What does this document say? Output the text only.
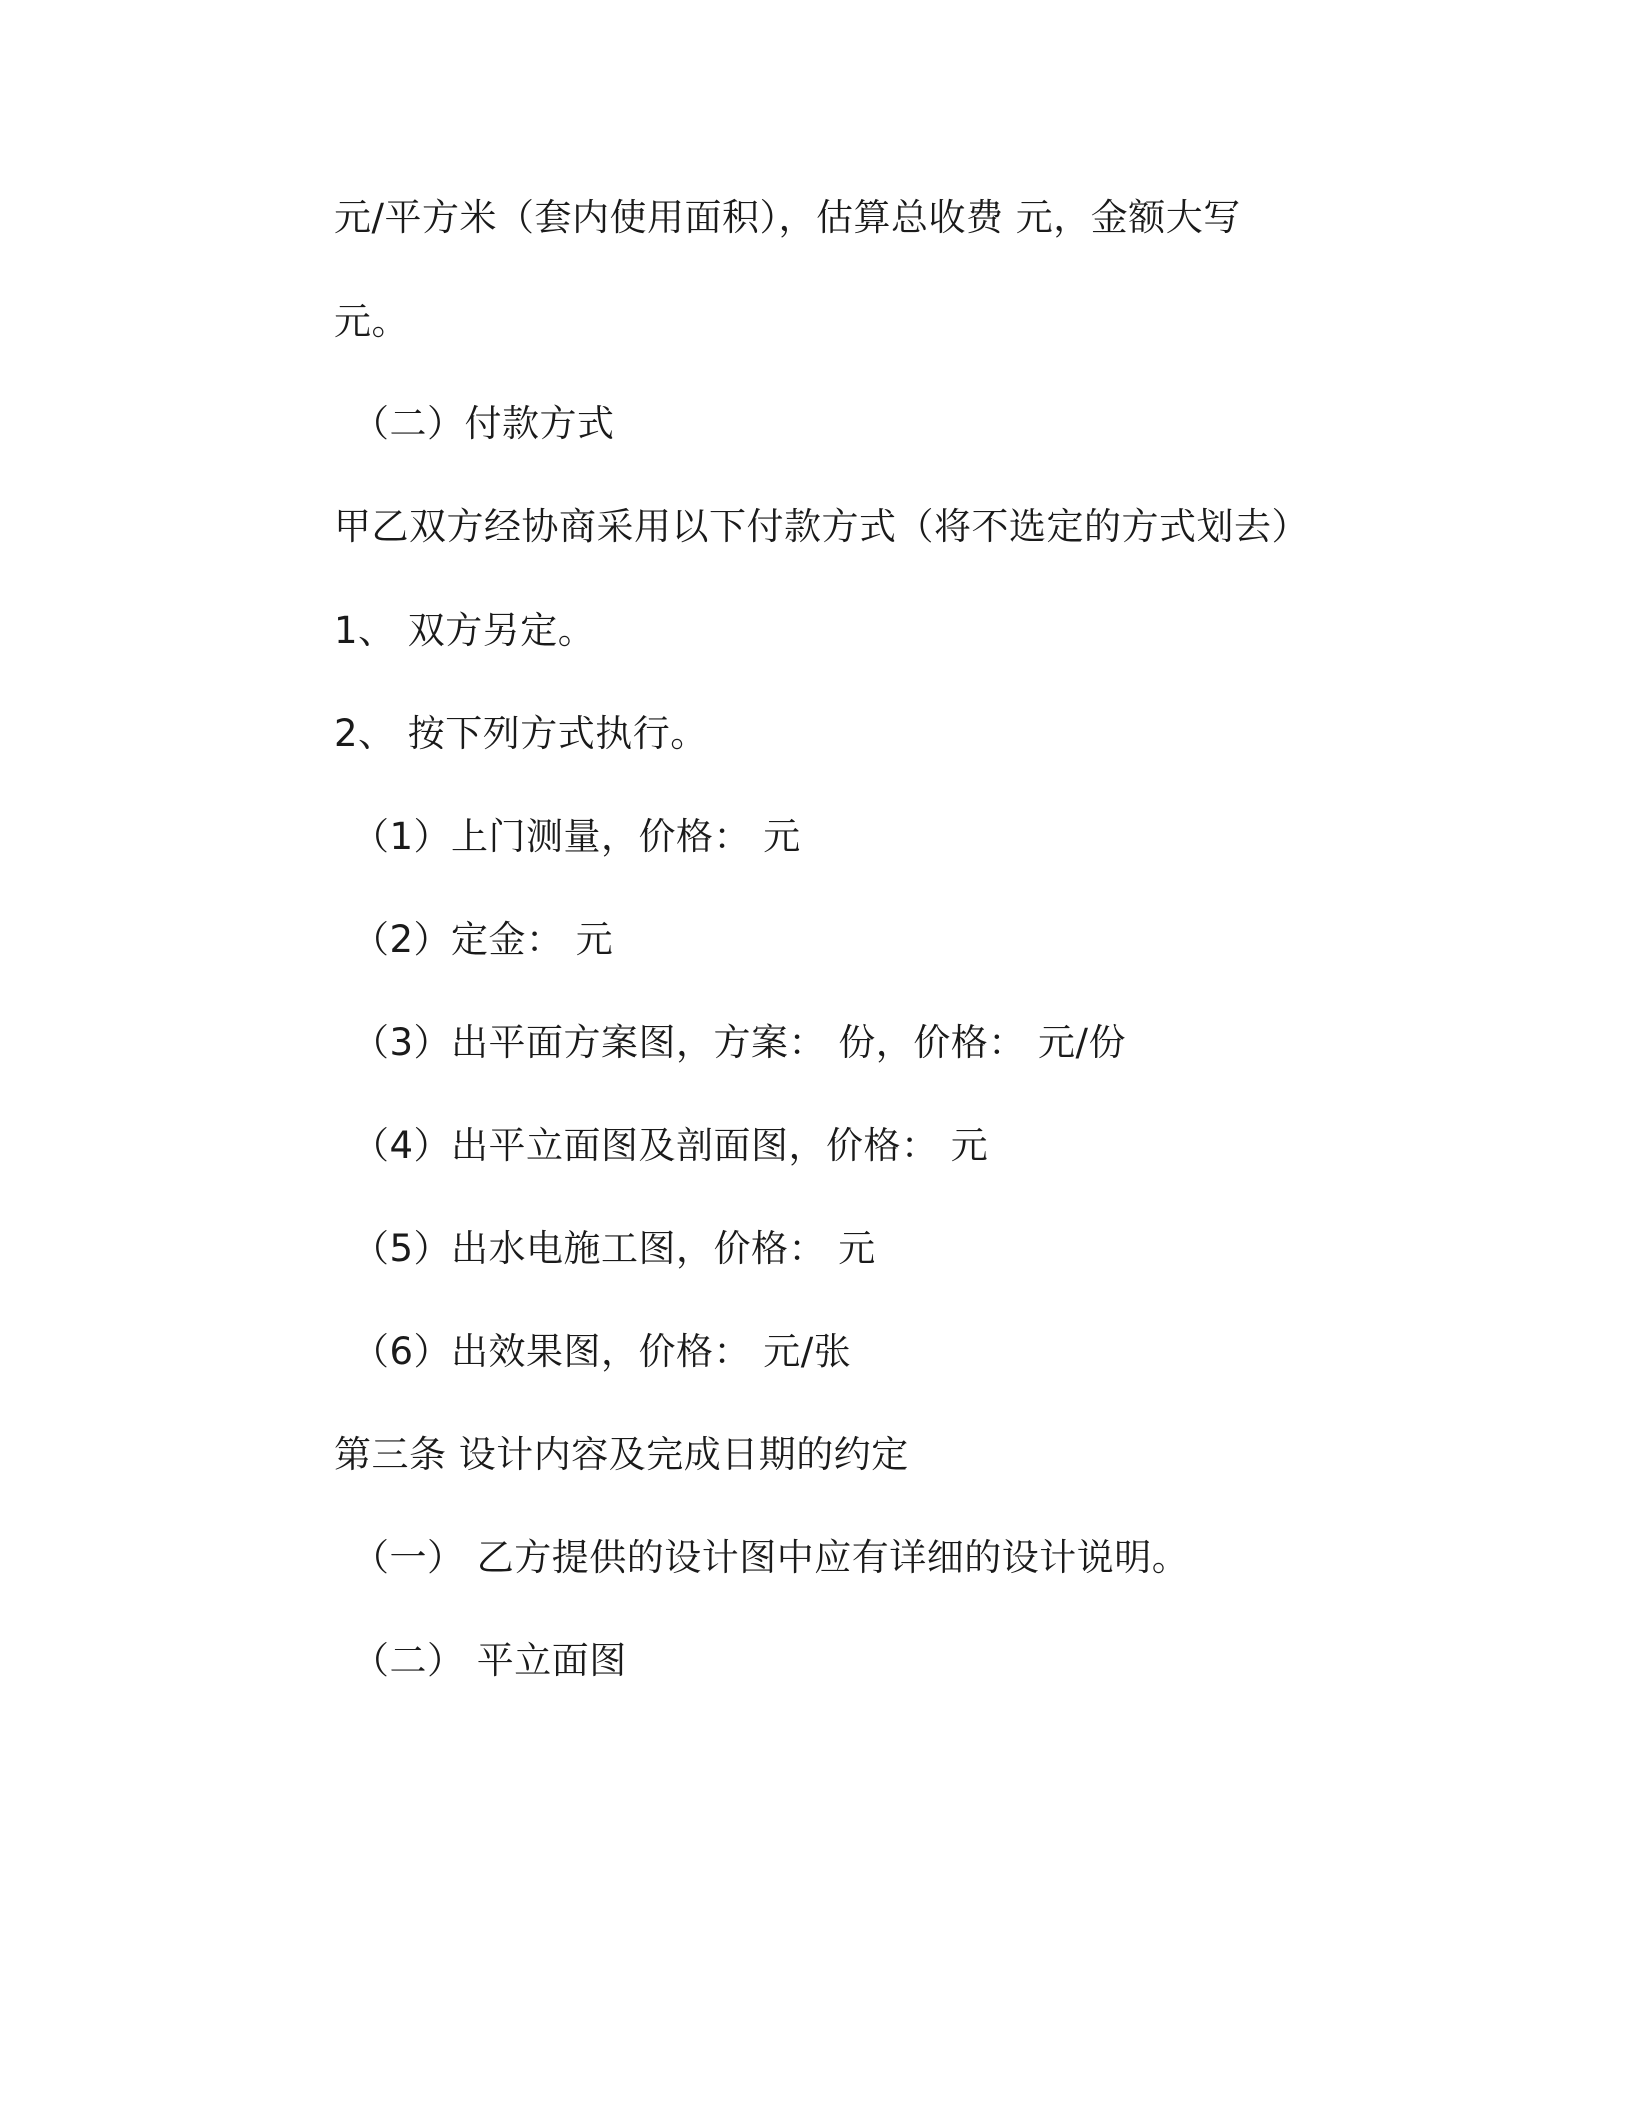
元/平方米（套内使用面积），估算总收费 元，金额大写
元。
（二）付款方式
甲乙双方经协商采用以下付款方式（将不选定的方式划去）
1、 双方另定。
2、 按下列方式执行。
（1）上门测量，价格： 元
（2）定金： 元
（3）出平面方案图，方案： 份，价格： 元/份
（4）出平立面图及剖面图，价格： 元
（5）出水电施工图，价格： 元
（6）出效果图，价格： 元/张
第三条 设计内容及完成日期的约定
（一） 乙方提供的设计图中应有详细的设计说明。
（二） 平立面图
